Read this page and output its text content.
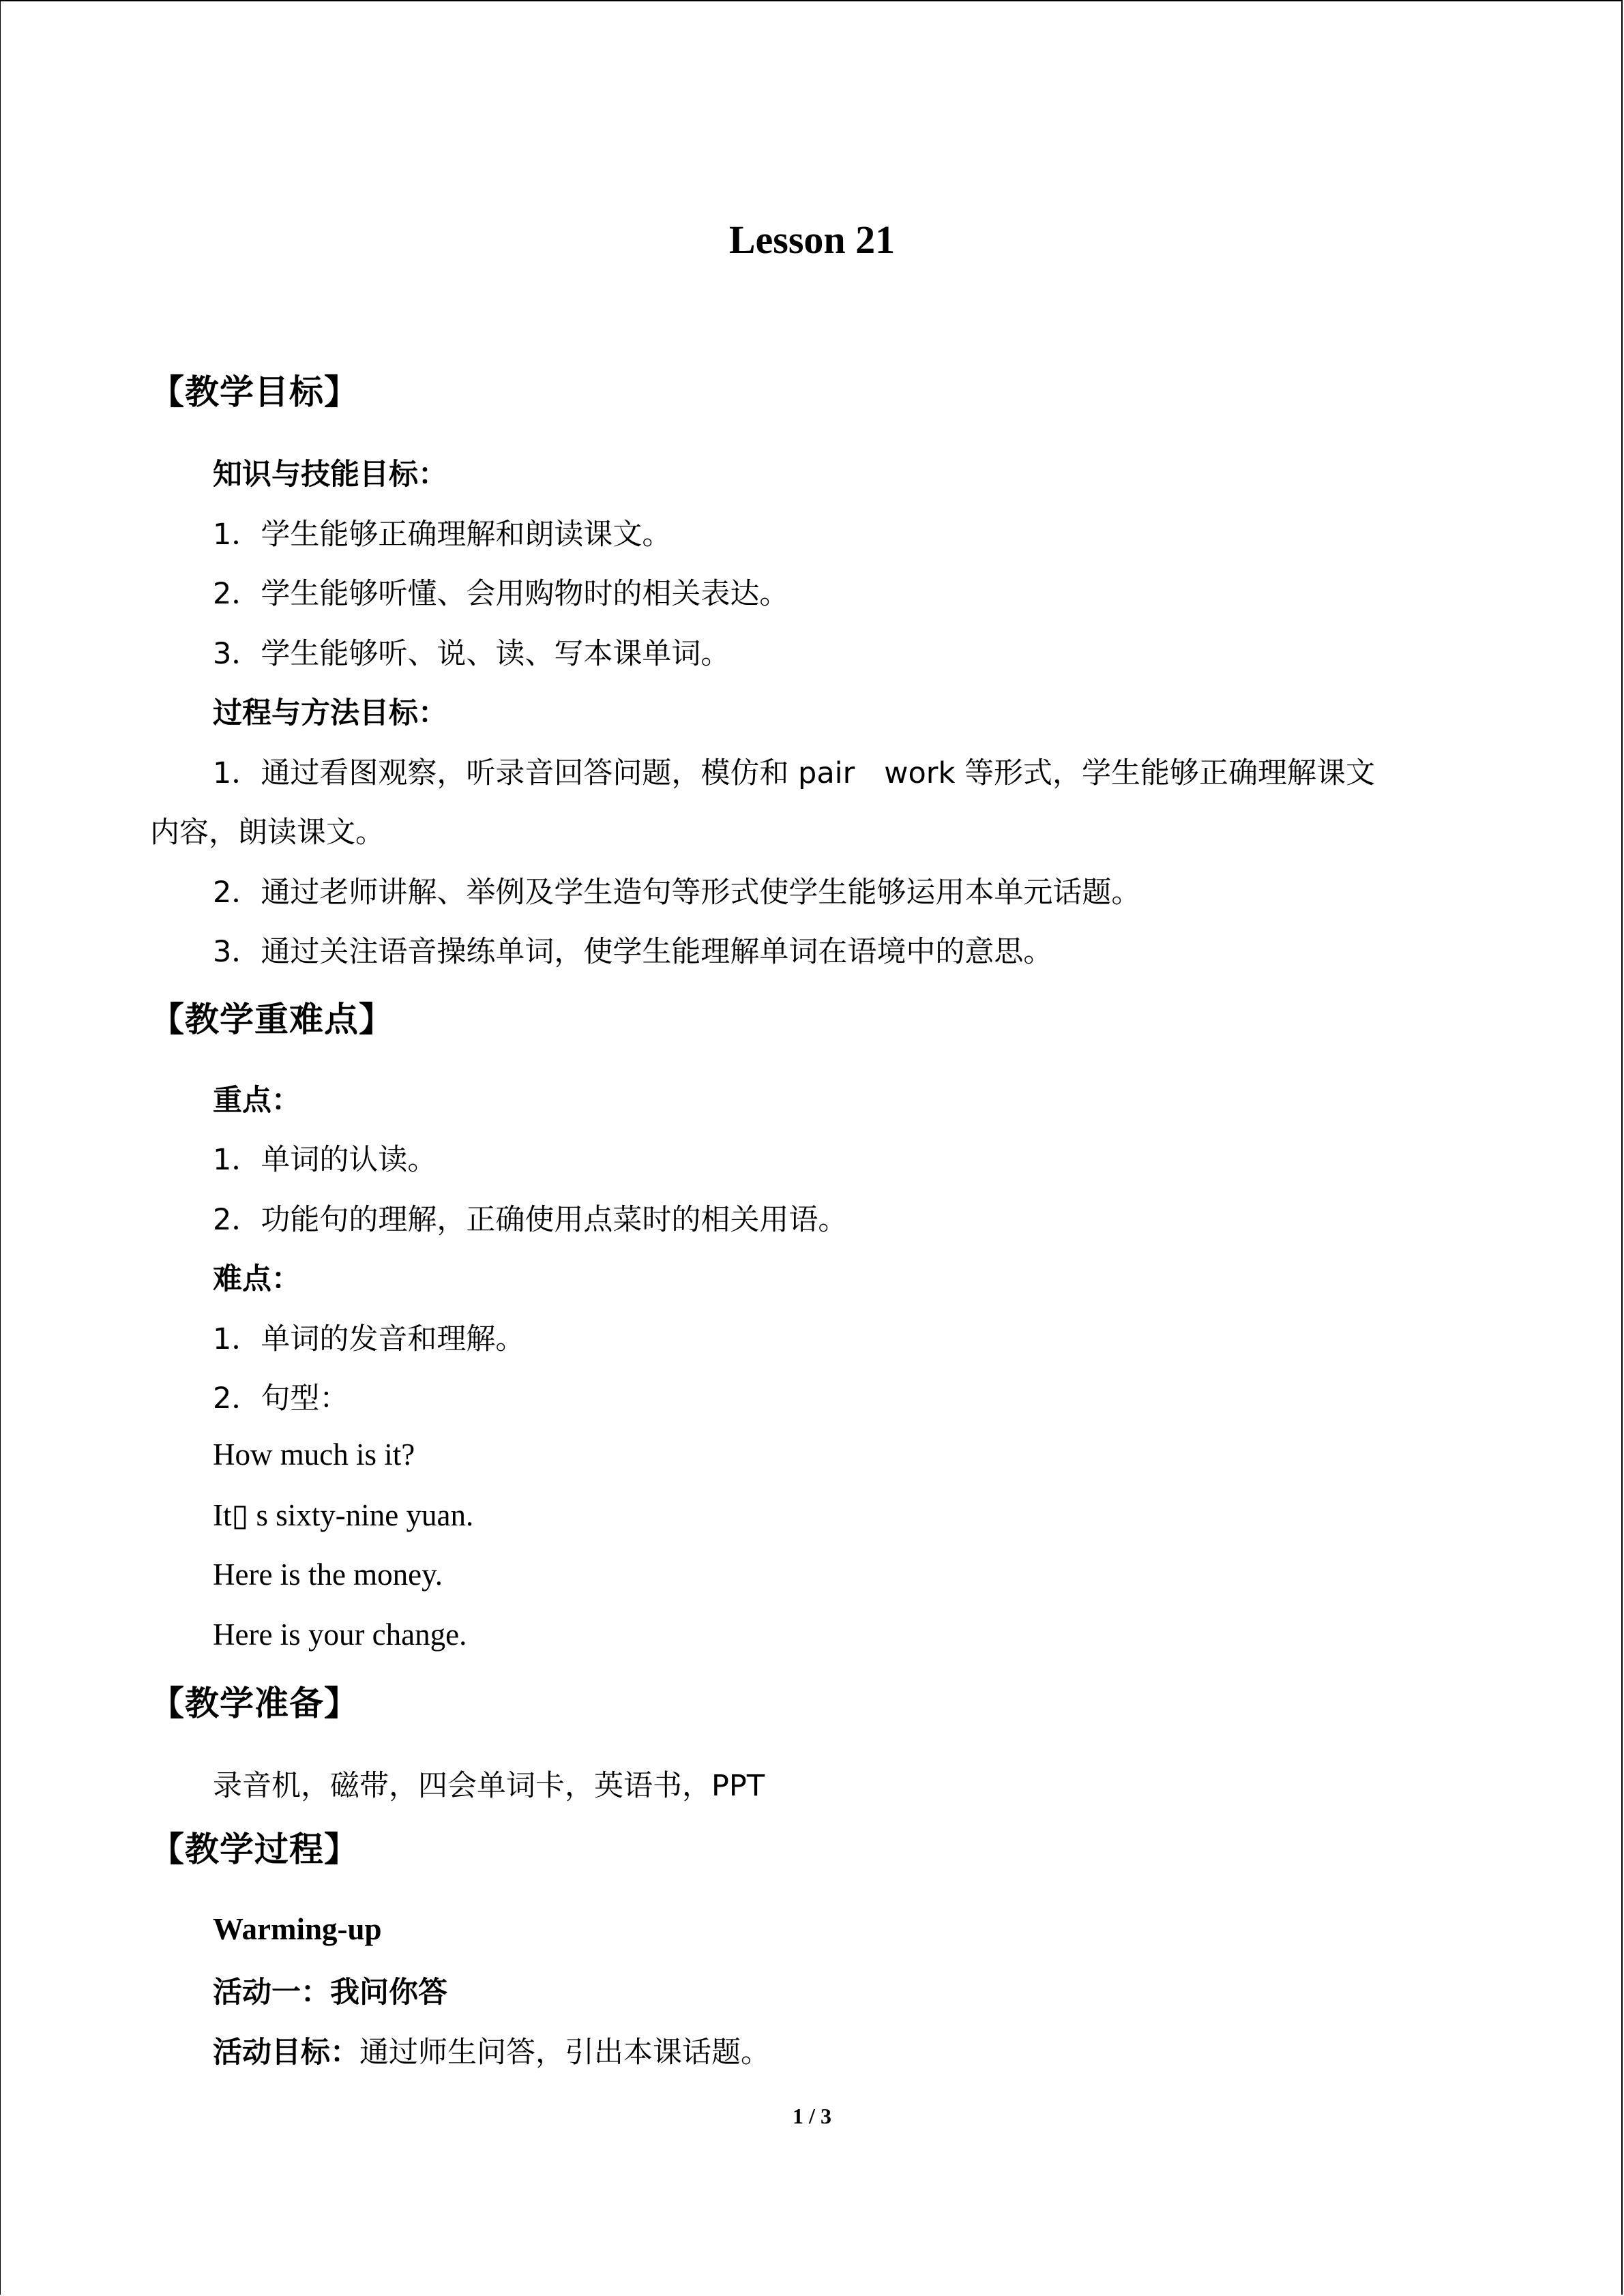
Lesson 21
【教学目标】
知识与技能目标：
1．学生能够正确理解和朗读课文。
2．学生能够听懂、会用购物时的相关表达。
3．学生能够听、说、读、写本课单词。
过程与方法目标：
1．通过看图观察，听录音回答问题，模仿和 pair　work 等形式，学生能够正确理解课文
内容，朗读课文。
2．通过老师讲解、举例及学生造句等形式使学生能够运用本单元话题。
3．通过关注语音操练单词，使学生能理解单词在语境中的意思。
【教学重难点】
重点：
1．单词的认读。
2．功能句的理解，正确使用点菜时的相关用语。
难点：
1．单词的发音和理解。
2．句型：
How much is it?
It▯ s sixty-nine yuan.
Here is the money.
Here is your change.
【教学准备】
录音机，磁带，四会单词卡，英语书，PPT
【教学过程】
Warming-up
活动一：我问你答
活动目标：通过师生问答，引出本课话题。
1 / 3
